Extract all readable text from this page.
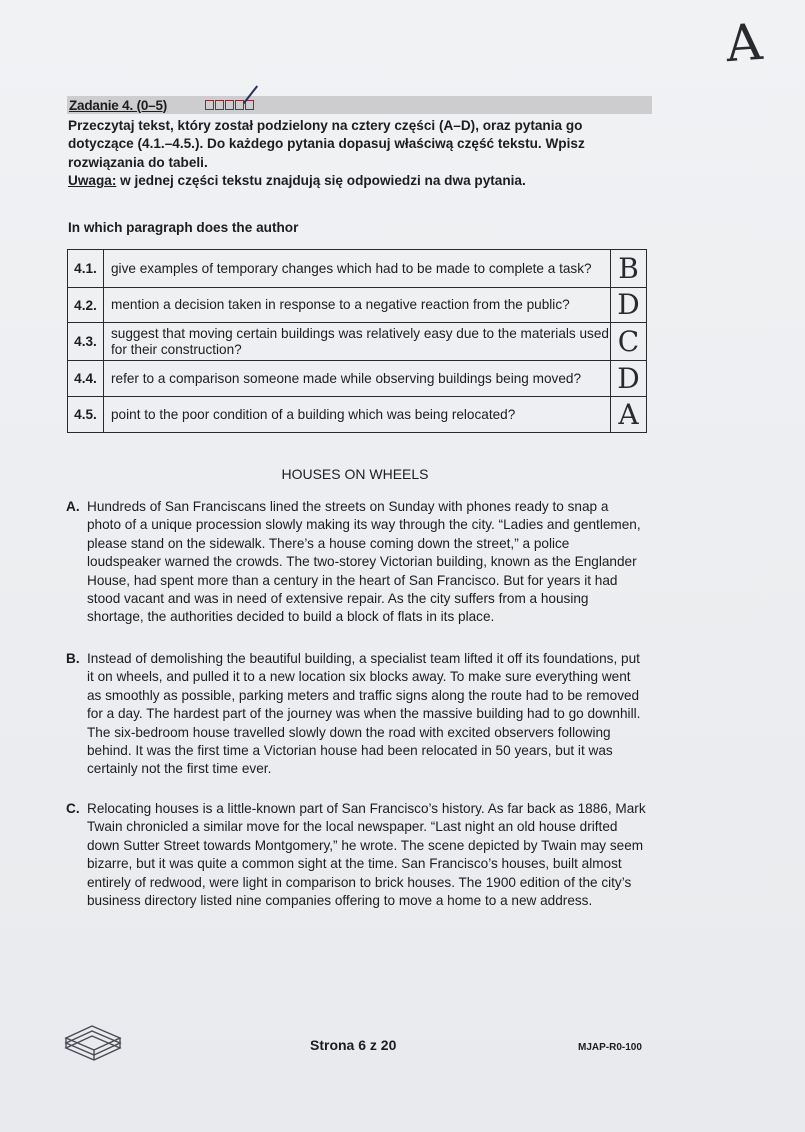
A
Zadanie 4. (0–5)
Przeczytaj tekst, który został podzielony na cztery części (A–D), oraz pytania go dotyczące (4.1.–4.5.). Do każdego pytania dopasuj właściwą część tekstu. Wpisz rozwiązania do tabeli.
Uwaga: w jednej części tekstu znajdują się odpowiedzi na dwa pytania.
In which paragraph does the author
4.1.	give examples of temporary changes which had to be made to complete a task?	B
4.2.	mention a decision taken in response to a negative reaction from the public?	D
4.3.	suggest that moving certain buildings was relatively easy due to the materials used for their construction?	C
4.4.	refer to a comparison someone made while observing buildings being moved?	D
4.5.	point to the poor condition of a building which was being relocated?	A
HOUSES ON WHEELS
A. Hundreds of San Franciscans lined the streets on Sunday with phones ready to snap a photo of a unique procession slowly making its way through the city. “Ladies and gentlemen, please stand on the sidewalk. There’s a house coming down the street,” a police loudspeaker warned the crowds. The two-storey Victorian building, known as the Englander House, had spent more than a century in the heart of San Francisco. But for years it had stood vacant and was in need of extensive repair. As the city suffers from a housing shortage, the authorities decided to build a block of flats in its place.
B. Instead of demolishing the beautiful building, a specialist team lifted it off its foundations, put it on wheels, and pulled it to a new location six blocks away. To make sure everything went as smoothly as possible, parking meters and traffic signs along the route had to be removed for a day. The hardest part of the journey was when the massive building had to go downhill. The six-bedroom house travelled slowly down the road with excited observers following behind. It was the first time a Victorian house had been relocated in 50 years, but it was certainly not the first time ever.
C. Relocating houses is a little-known part of San Francisco’s history. As far back as 1886, Mark Twain chronicled a similar move for the local newspaper. “Last night an old house drifted down Sutter Street towards Montgomery,” he wrote. The scene depicted by Twain may seem bizarre, but it was quite a common sight at the time. San Francisco’s houses, built almost entirely of redwood, were light in comparison to brick houses. The 1900 edition of the city’s business directory listed nine companies offering to move a home to a new address.
Strona 6 z 20	MJAP-R0-100
